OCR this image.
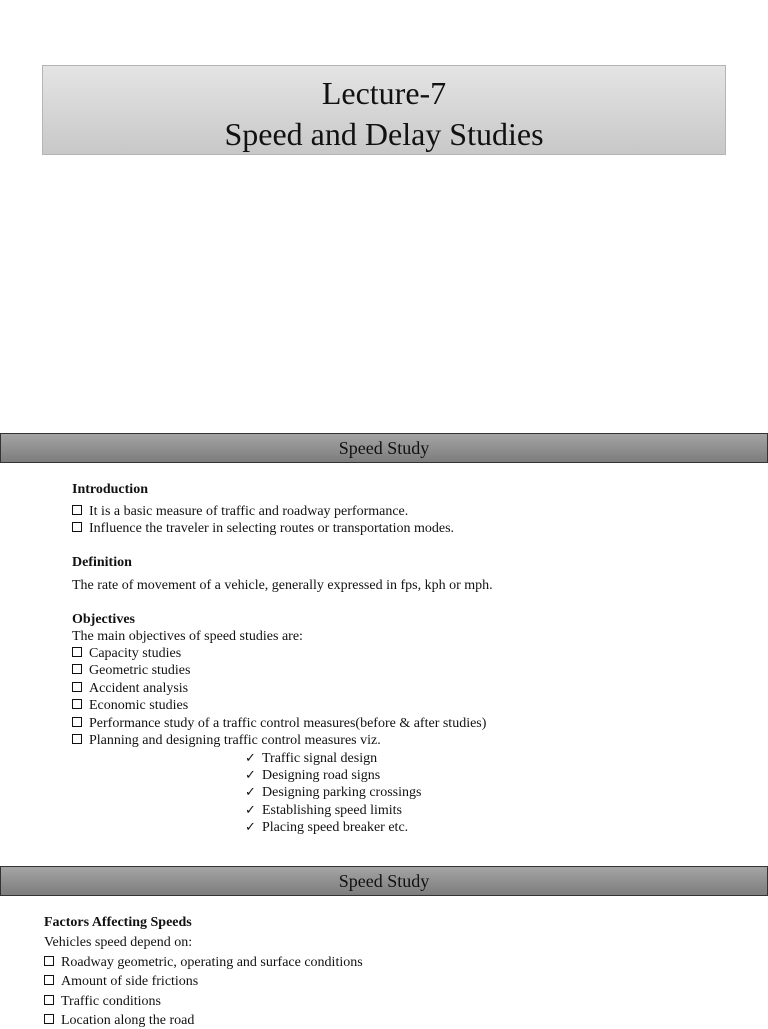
Lecture-7
Speed and Delay Studies
Speed Study
Introduction
It is a basic measure of traffic and roadway performance.
Influence the traveler in selecting routes or transportation modes.
Definition
The rate of movement of a vehicle, generally expressed in fps, kph or mph.
Objectives
The main objectives of speed studies are:
Capacity studies
Geometric studies
Accident analysis
Economic studies
Performance study of a traffic control measures(before & after studies)
Planning and designing traffic control measures viz.
✓ Traffic signal design
✓ Designing road signs
✓ Designing parking crossings
✓ Establishing speed limits
✓ Placing speed breaker etc.
Speed Study
Factors Affecting Speeds
Vehicles speed depend on:
Roadway geometric, operating and surface conditions
Amount of side frictions
Traffic conditions
Location along the road
